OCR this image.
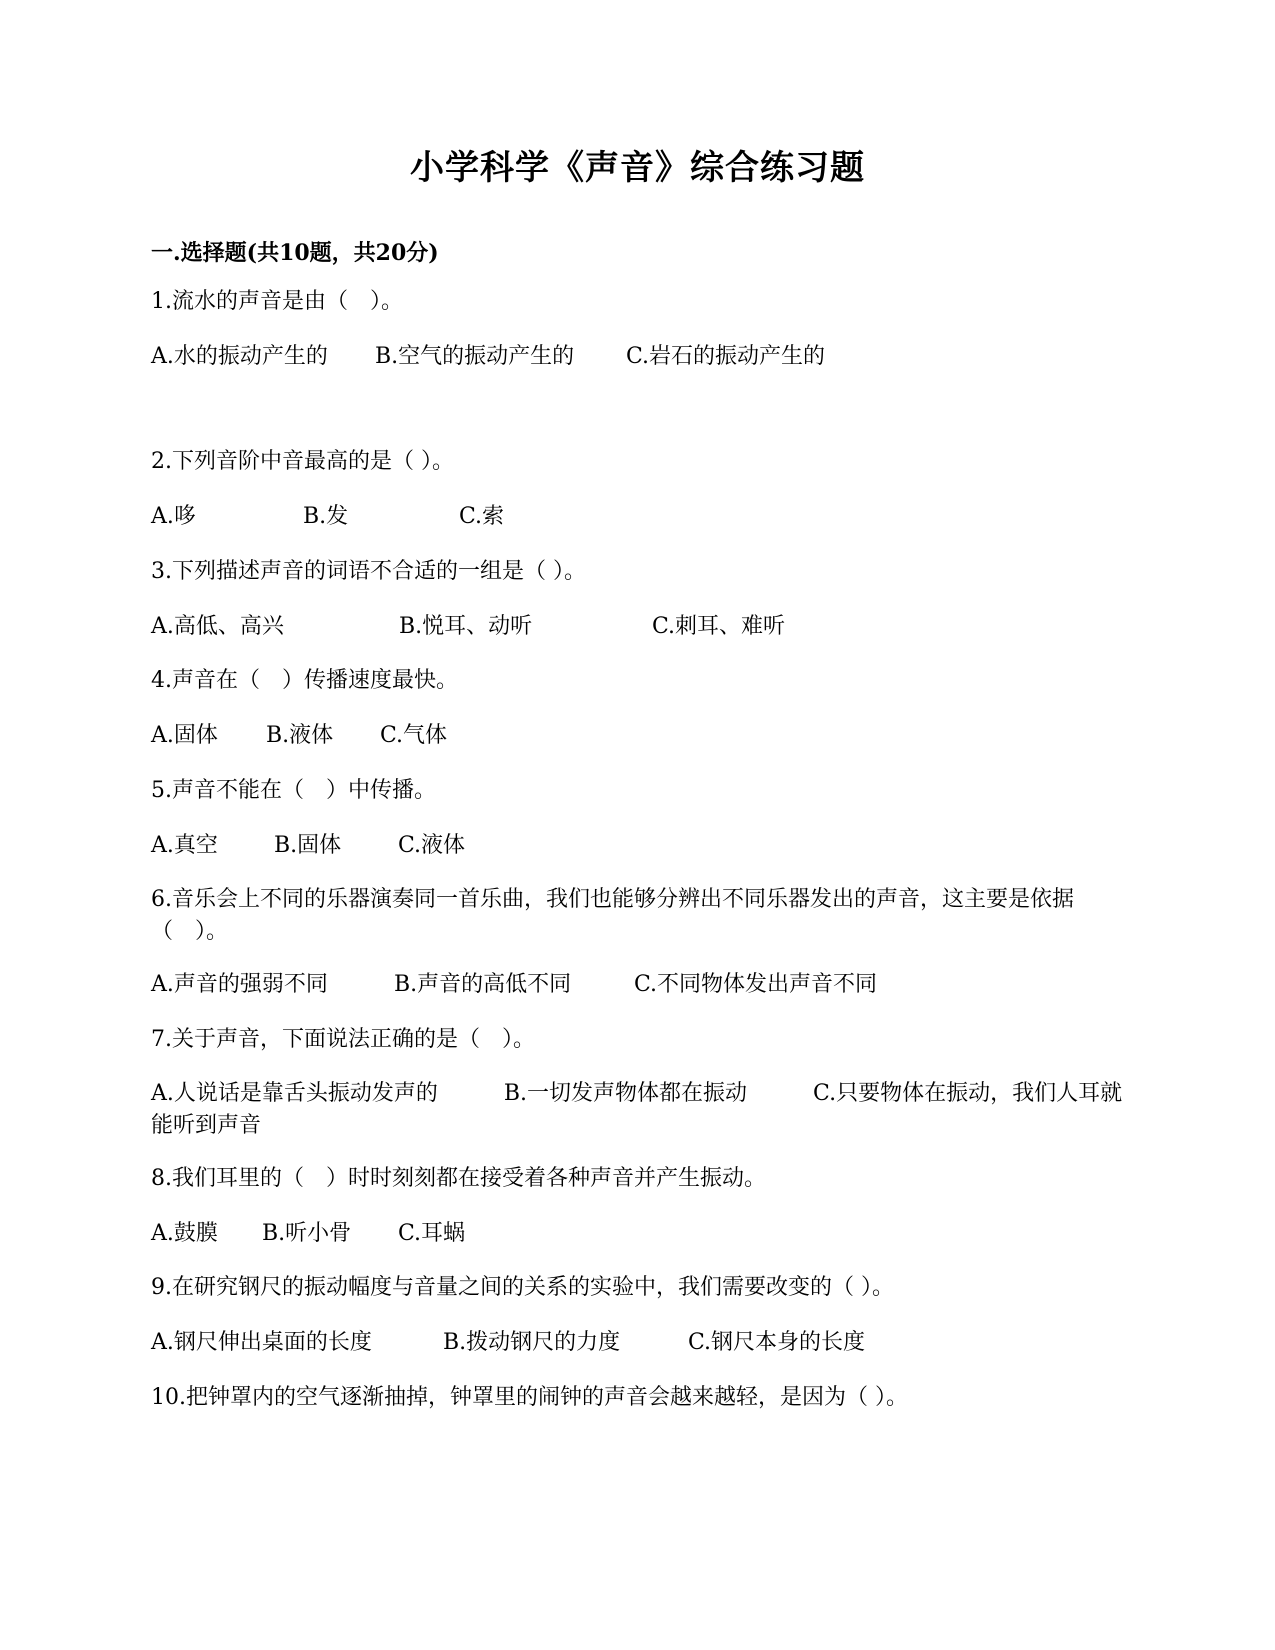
小学科学《声音》综合练习题
一.选择题(共10题，共20分)
1.流水的声音是由（　）。
A.水的振动产生的 B.空气的振动产生的 C.岩石的振动产生的
2.下列音阶中音最高的是（ ）。
A.哆	B.发	C.索
3.下列描述声音的词语不合适的一组是（ ）。
A.高低、高兴	B.悦耳、动听	C.刺耳、难听
4.声音在（　）传播速度最快。
A.固体 B.液体 C.气体
5.声音不能在（　）中传播。
A.真空	B.固体	C.液体
6.音乐会上不同的乐器演奏同一首乐曲，我们也能够分辨出不同乐器发出的声音，这主要是依据（　）。
A.声音的强弱不同	B.声音的高低不同	C.不同物体发出声音不同
7.关于声音，下面说法正确的是（　）。
A.人说话是靠舌头振动发声的　　　B.一切发声物体都在振动　　　C.只要物体在振动，我们人耳就能听到声音
8.我们耳里的（　）时时刻刻都在接受着各种声音并产生振动。
A.鼓膜 B.听小骨 C.耳蜗
9.在研究钢尺的振动幅度与音量之间的关系的实验中，我们需要改变的（ ）。
A.钢尺伸出桌面的长度	B.拨动钢尺的力度	C.钢尺本身的长度
10.把钟罩内的空气逐渐抽掉，钟罩里的闹钟的声音会越来越轻，是因为（ ）。
